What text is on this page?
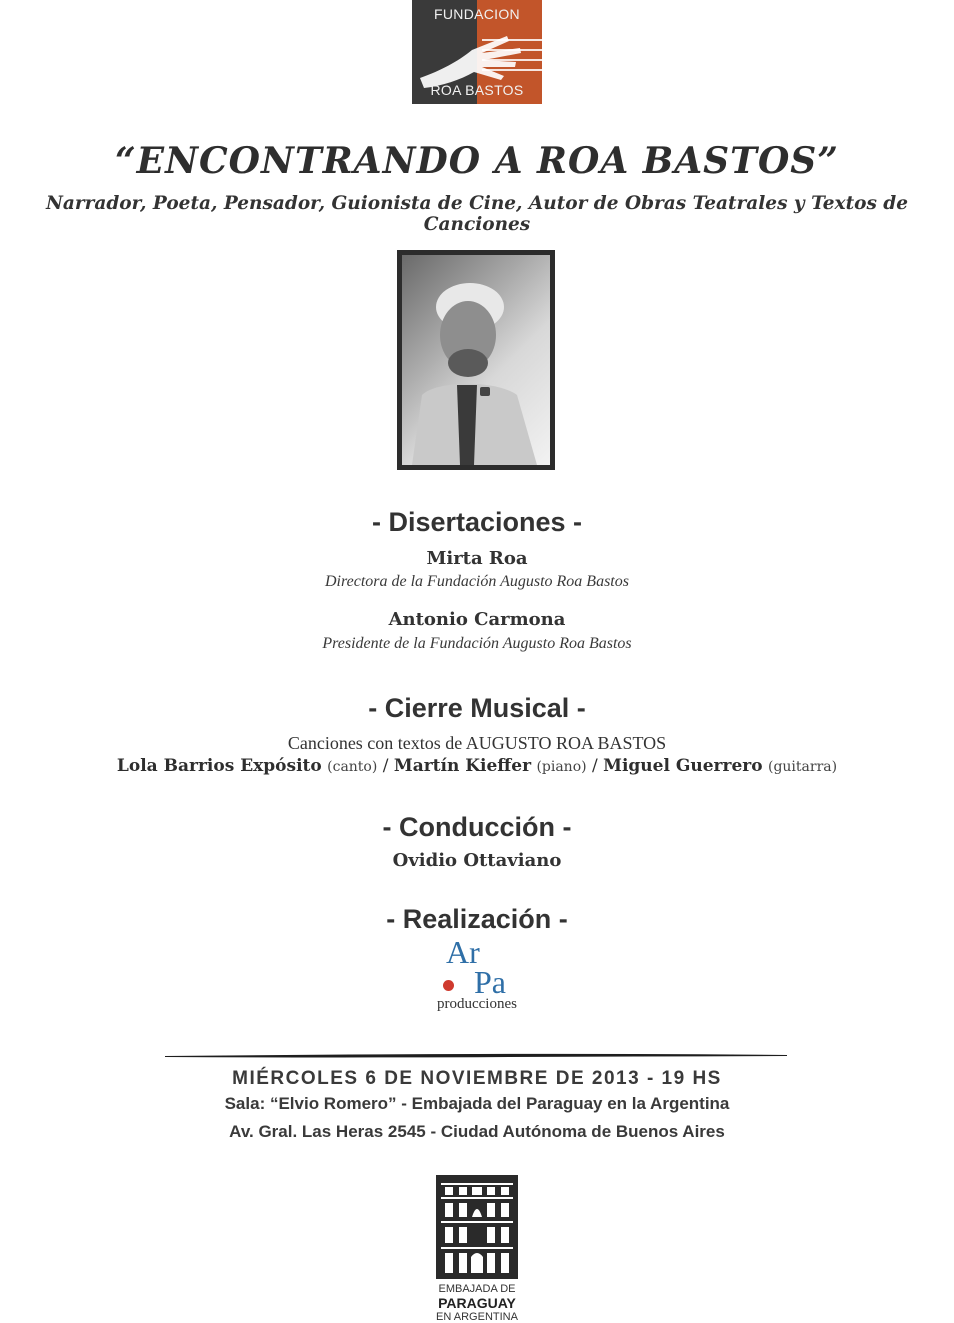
FUNDACION
ROA BASTOS
“ENCONTRANDO A ROA BASTOS”
Narrador, Poeta, Pensador, Guionista de Cine, Autor de Obras Teatrales y Textos de Canciones
- Disertaciones -
Mirta Roa
Directora de la Fundación Augusto Roa Bastos
Antonio Carmona
Presidente de la Fundación Augusto Roa Bastos
- Cierre Musical -
Canciones con textos de AUGUSTO ROA BASTOS
Lola Barrios Expósito (canto) / Martín Kieffer (piano) / Miguel Guerrero (guitarra)
- Conducción -
Ovidio Ottaviano
- Realización -
Ar
Pa
producciones
MIÉRCOLES 6 DE NOVIEMBRE DE 2013 - 19 HS
Sala: “Elvio Romero” - Embajada del Paraguay en la Argentina
Av. Gral. Las Heras 2545 - Ciudad Autónoma de Buenos Aires
EMBAJADA DE
PARAGUAY
EN ARGENTINA
